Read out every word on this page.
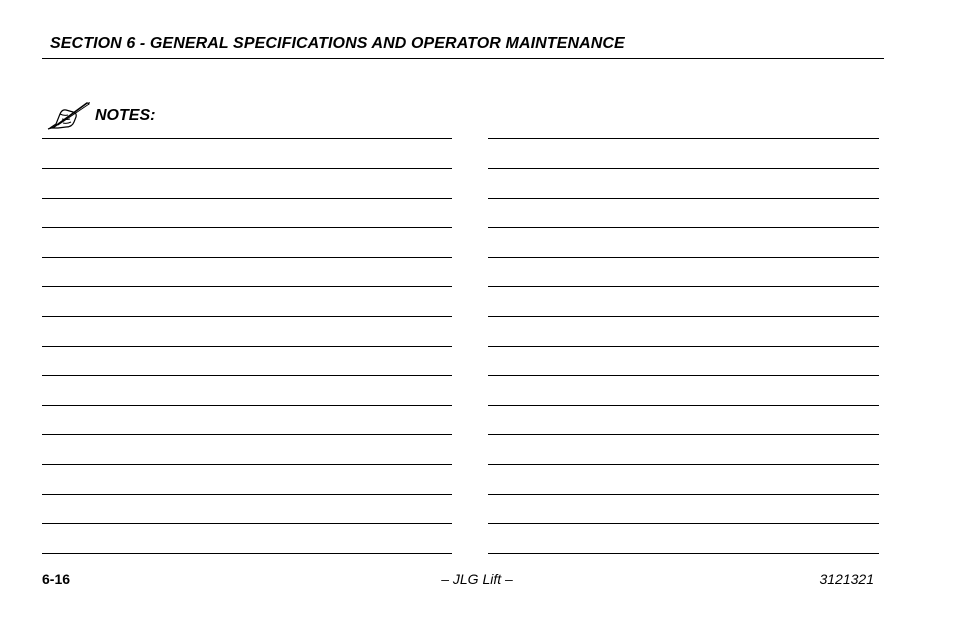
SECTION 6 - GENERAL SPECIFICATIONS AND OPERATOR MAINTENANCE
NOTES:
6-16	– JLG Lift –	3121321
